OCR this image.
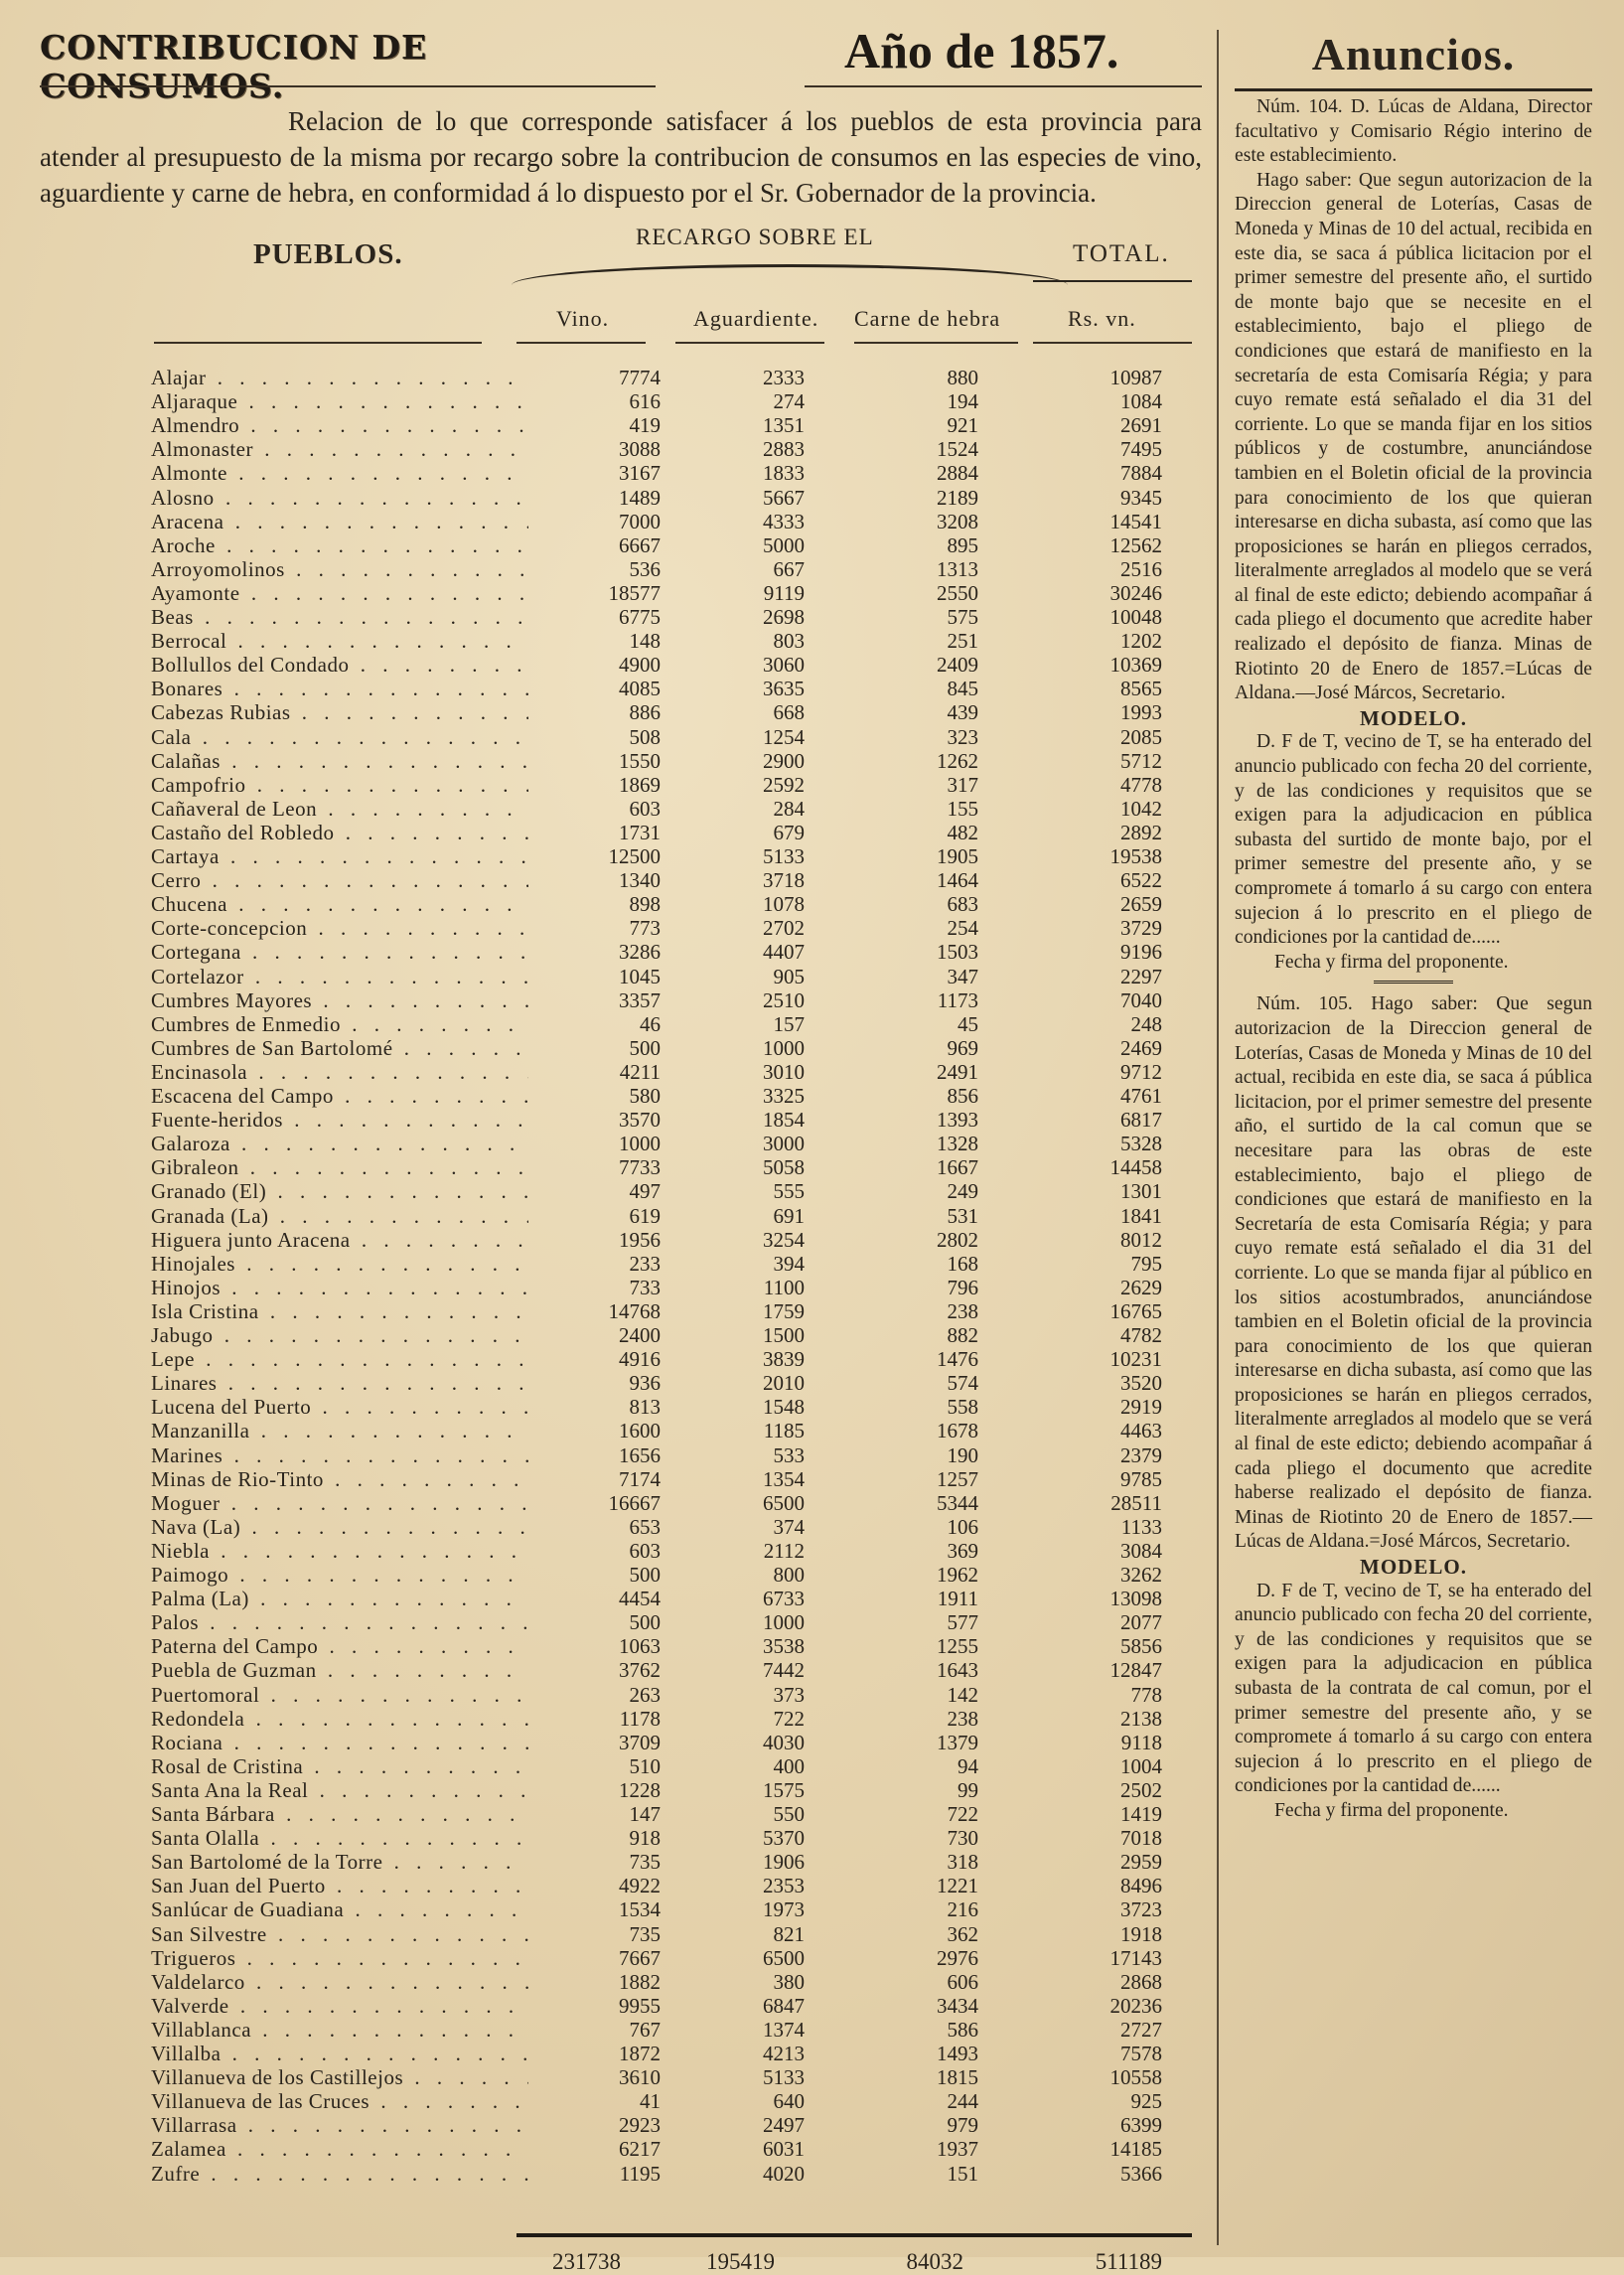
CONTRIBUCION DE CONSUMOS.
Año de 1857.
Relacion de lo que corresponde satisfacer á los pueblos de esta provincia para atender al presupuesto de la misma por recargo sobre la contribucion de consumos en las especies de vino, aguardiente y carne de hebra, en conformidad á lo dispuesto por el Sr. Gobernador de la provincia.
PUEBLOS.
RECARGO SOBRE EL
TOTAL.
Vino.	Aguardiente. Carne de hebra	Rs. vn.
Alajar . . .	7774	2333	880	10987
Aljaraque . . .	616	274	194	1084
Almendro . . .	419	1351	921	2691
Almonaster . . .	3088	2883	1524	7495
Almonte . . .	3167	1833	2884	7884
Alosno . . .	1489	5667	2189	9345
Aracena . . .	7000	4333	3208	14541
Aroche . . .	6667	5000	895	12562
Arroyomolinos . . .	536	667	1313	2516
Ayamonte . . .	18577	9119	2550	30246
Beas . . .	6775	2698	575	10048
Berrocal . . .	148	803	251	1202
Bollullos del Condado . . .	4900	3060	2409	10369
Bonares . . .	4085	3635	845	8565
Cabezas Rubias . . .	886	668	439	1993
Cala . . .	508	1254	323	2085
Calañas . . .	1550	2900	1262	5712
Campofrio . . .	1869	2592	317	4778
Cañaveral de Leon . . .	603	284	155	1042
Castaño del Robledo . . .	1731	679	482	2892
Cartaya . . .	12500	5133	1905	19538
Cerro . . .	1340	3718	1464	6522
Chucena . . .	898	1078	683	2659
Corte-concepcion . . .	773	2702	254	3729
Cortegana . . .	3286	4407	1503	9196
Cortelazor . . .	1045	905	347	2297
Cumbres Mayores . . .	3357	2510	1173	7040
Cumbres de Enmedio . . .	46	157	45	248
Cumbres de San Bartolomé . . .	500	1000	969	2469
Encinasola . . .	4211	3010	2491	9712
Escacena del Campo . . .	580	3325	856	4761
Fuente-heridos . . .	3570	1854	1393	6817
Galaroza . . .	1000	3000	1328	5328
Gibraleon . . .	7733	5058	1667	14458
Granado (El) . . .	497	555	249	1301
Granada (La) . . .	619	691	531	1841
Higuera junto Aracena . . .	1956	3254	2802	8012
Hinojales . . .	233	394	168	795
Hinojos . . .	733	1100	796	2629
Isla Cristina . . .	14768	1759	238	16765
Jabugo . . .	2400	1500	882	4782
Lepe . . .	4916	3839	1476	10231
Linares . . .	936	2010	574	3520
Lucena del Puerto . . .	813	1548	558	2919
Manzanilla . . .	1600	1185	1678	4463
Marines . . .	1656	533	190	2379
Minas de Rio-Tinto . . .	7174	1354	1257	9785
Moguer . . .	16667	6500	5344	28511
Nava (La) . . .	653	374	106	1133
Niebla . . .	603	2112	369	3084
Paimogo . . .	500	800	1962	3262
Palma (La) . . .	4454	6733	1911	13098
Palos . . .	500	1000	577	2077
Paterna del Campo . . .	1063	3538	1255	5856
Puebla de Guzman . . .	3762	7442	1643	12847
Puertomoral . . .	263	373	142	778
Redondela . . .	1178	722	238	2138
Rociana . . .	3709	4030	1379	9118
Rosal de Cristina . . .	510	400	94	1004
Santa Ana la Real . . .	1228	1575	99	2502
Santa Bárbara . . .	147	550	722	1419
Santa Olalla . . .	918	5370	730	7018
San Bartolomé de la Torre . . .	735	1906	318	2959
San Juan del Puerto . . .	4922	2353	1221	8496
Sanlúcar de Guadiana . . .	1534	1973	216	3723
San Silvestre . . .	735	821	362	1918
Trigueros . . .	7667	6500	2976	17143
Valdelarco . . .	1882	380	606	2868
Valverde . . .	9955	6847	3434	20236
Villablanca . . .	767	1374	586	2727
Villalba . . .	1872	4213	1493	7578
Villanueva de los Castillejos . . .	3610	5133	1815	10558
Villanueva de las Cruces . . .	41	640	244	925
Villarrasa . . .	2923	2497	979	6399
Zalamea . . .	6217	6031	1937	14185
Zufre . . .	1195	4020	151	5366
231738	195419	84032	511189
Anuncios.

Núm. 104. D. Lúcas de Aldana, Director facultativo y Comisario Régio interino de este establecimiento.

Hago saber: Que segun autorizacion de la Direccion general de Loterías, Casas de Moneda y Minas de 10 del actual, recibida en este dia, se saca á pública licitacion por el primer semestre del presente año, el surtido de monte bajo que se necesite en el establecimiento, bajo el pliego de condiciones que estará de manifiesto en la secretaría de esta Comisaría Régia; y para cuyo remate está señalado el dia 31 del corriente. Lo que se manda fijar en los sitios públicos y de costumbre, anunciándose tambien en el Boletin oficial de la provincia para conocimiento de los que quieran interesarse en dicha subasta, así como que las proposiciones se harán en pliegos cerrados, literalmente arreglados al modelo que se verá al final de este edicto; debiendo acompañar á cada pliego el documento que acredite haber realizado el depósito de fianza. Minas de Riotinto 20 de Enero de 1857.=Lúcas de Aldana.—José Márcos, Secretario.

MODELO.

D. F de T, vecino de T, se ha enterado del anuncio publicado con fecha 20 del corriente, y de las condiciones y requisitos que se exigen para la adjudicacion en pública subasta del surtido de monte bajo, por el primer semestre del presente año, y se compromete á tomarlo á su cargo con entera sujecion á lo prescrito en el pliego de condiciones por la cantidad de......

Fecha y firma del proponente.

Núm. 105. Hago saber: Que segun autorizacion de la Direccion general de Loterías, Casas de Moneda y Minas de 10 del actual, recibida en este dia, se saca á pública licitacion, por el primer semestre del presente año, el surtido de la cal comun que se necesitare para las obras de este establecimiento, bajo el pliego de condiciones que estará de manifiesto en la Secretaría de esta Comisaría Régia; y para cuyo remate está señalado el dia 31 del corriente. Lo que se manda fijar al público en los sitios acostumbrados, anunciándose tambien en el Boletin oficial de la provincia para conocimiento de los que quieran interesarse en dicha subasta, así como que las proposiciones se harán en pliegos cerrados, literalmente arreglados al modelo que se verá al final de este edicto; debiendo acompañar á cada pliego el documento que acredite haberse realizado el depósito de fianza. Minas de Riotinto 20 de Enero de 1857.—Lúcas de Aldana.=José Márcos, Secretario.

MODELO.

D. F de T, vecino de T, se ha enterado del anuncio publicado con fecha 20 del corriente, y de las condiciones y requisitos que se exigen para la adjudicacion en pública subasta de la contrata de cal comun, por el primer semestre del presente año, y se compromete á tomarlo á su cargo con entera sujecion á lo prescrito en el pliego de condiciones por la cantidad de......

Fecha y firma del proponente.
